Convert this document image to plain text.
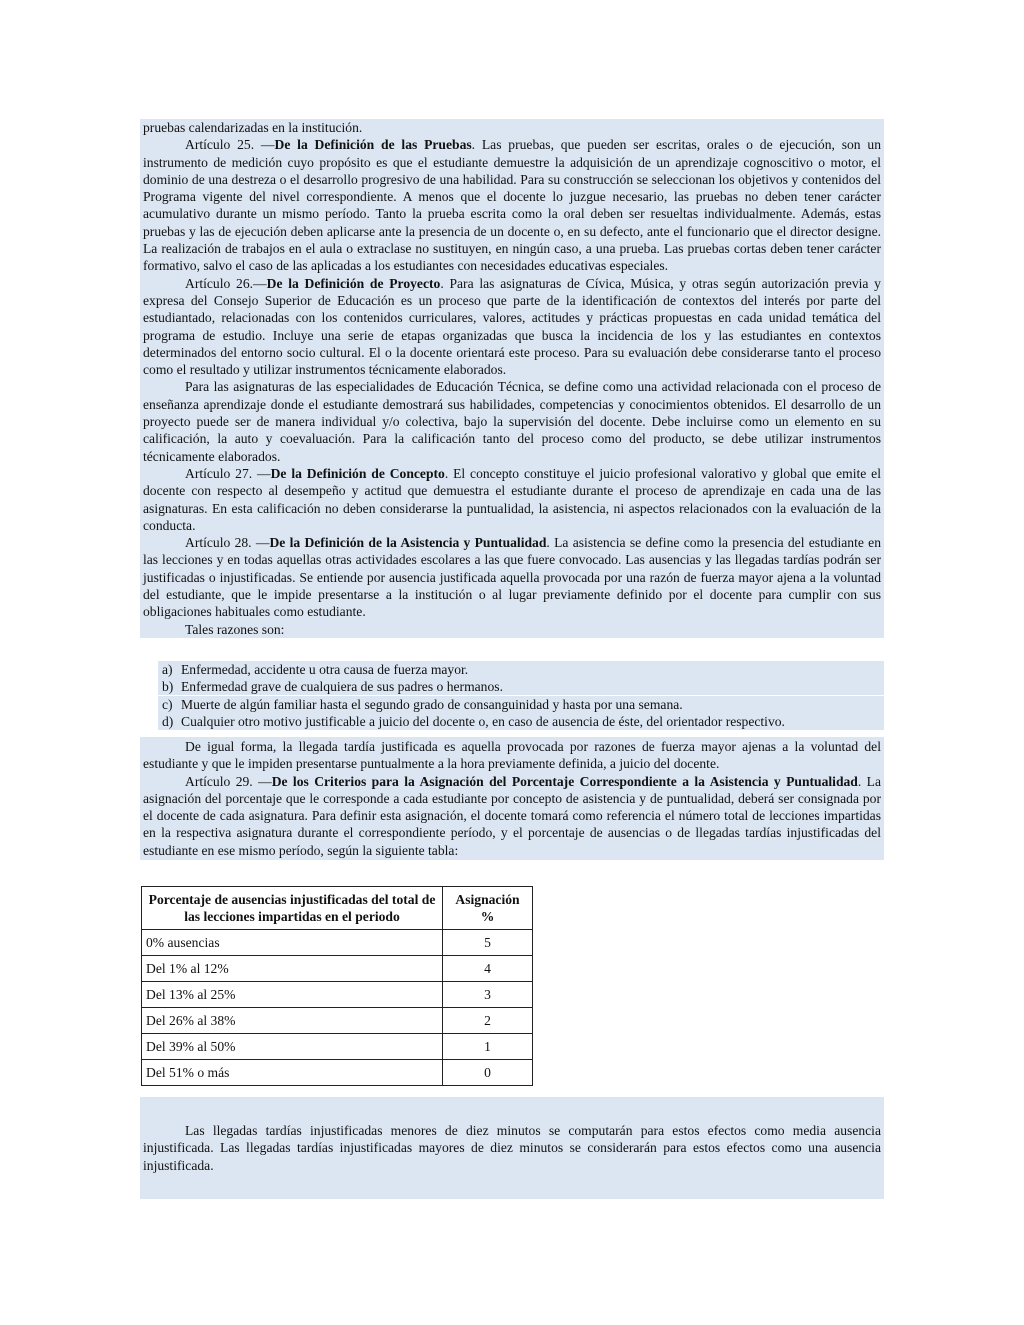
pruebas calendarizadas en la institución.

Artículo 25. —De la Definición de las Pruebas. Las pruebas, que pueden ser escritas, orales o de ejecución, son un instrumento de medición cuyo propósito es que el estudiante demuestre la adquisición de un aprendizaje cognoscitivo o motor, el dominio de una destreza o el desarrollo progresivo de una habilidad. Para su construcción se seleccionan los objetivos y contenidos del Programa vigente del nivel correspondiente. A menos que el docente lo juzgue necesario, las pruebas no deben tener carácter acumulativo durante un mismo período. Tanto la prueba escrita como la oral deben ser resueltas individualmente. Además, estas pruebas y las de ejecución deben aplicarse ante la presencia de un docente o, en su defecto, ante el funcionario que el director designe. La realización de trabajos en el aula o extraclase no sustituyen, en ningún caso, a una prueba. Las pruebas cortas deben tener carácter formativo, salvo el caso de las aplicadas a los estudiantes con necesidades educativas especiales.

Artículo 26.—De la Definición de Proyecto. Para las asignaturas de Cívica, Música, y otras según autorización previa y expresa del Consejo Superior de Educación es un proceso que parte de la identificación de contextos del interés por parte del estudiantado, relacionadas con los contenidos curriculares, valores, actitudes y prácticas propuestas en cada unidad temática del programa de estudio. Incluye una serie de etapas organizadas que busca la incidencia de los y las estudiantes en contextos determinados del entorno socio cultural. El o la docente orientará este proceso. Para su evaluación debe considerarse tanto el proceso como el resultado y utilizar instrumentos técnicamente elaborados.

Para las asignaturas de las especialidades de Educación Técnica, se define como una actividad relacionada con el proceso de enseñanza aprendizaje donde el estudiante demostrará sus habilidades, competencias y conocimientos obtenidos. El desarrollo de un proyecto puede ser de manera individual y/o colectiva, bajo la supervisión del docente. Debe incluirse como un elemento en su calificación, la auto y coevaluación. Para la calificación tanto del proceso como del producto, se debe utilizar instrumentos técnicamente elaborados.

Artículo 27. —De la Definición de Concepto. El concepto constituye el juicio profesional valorativo y global que emite el docente con respecto al desempeño y actitud que demuestra el estudiante durante el proceso de aprendizaje en cada una de las asignaturas. En esta calificación no deben considerarse la puntualidad, la asistencia, ni aspectos relacionados con la evaluación de la conducta.

Artículo 28. —De la Definición de la Asistencia y Puntualidad. La asistencia se define como la presencia del estudiante en las lecciones y en todas aquellas otras actividades escolares a las que fuere convocado. Las ausencias y las llegadas tardías podrán ser justificadas o injustificadas. Se entiende por ausencia justificada aquella provocada por una razón de fuerza mayor ajena a la voluntad del estudiante, que le impide presentarse a la institución o al lugar previamente definido por el docente para cumplir con sus obligaciones habituales como estudiante.

Tales razones son:

a) Enfermedad, accidente u otra causa de fuerza mayor.
b) Enfermedad grave de cualquiera de sus padres o hermanos.
c) Muerte de algún familiar hasta el segundo grado de consanguinidad y hasta por una semana.
d) Cualquier otro motivo justificable a juicio del docente o, en caso de ausencia de éste, del orientador respectivo.

De igual forma, la llegada tardía justificada es aquella provocada por razones de fuerza mayor ajenas a la voluntad del estudiante y que le impiden presentarse puntualmente a la hora previamente definida, a juicio del docente.

Artículo 29. —De los Criterios para la Asignación del Porcentaje Correspondiente a la Asistencia y Puntualidad. La asignación del porcentaje que le corresponde a cada estudiante por concepto de asistencia y de puntualidad, deberá ser consignada por el docente de cada asignatura. Para definir esta asignación, el docente tomará como referencia el número total de lecciones impartidas en la respectiva asignatura durante el correspondiente período, y el porcentaje de ausencias o de llegadas tardías injustificadas del estudiante en ese mismo período, según la siguiente tabla:

Porcentaje de ausencias injustificadas del total de las lecciones impartidas en el periodo	Asignación %
0% ausencias	5
Del 1% al 12%	4
Del 13% al 25%	3
Del 26% al 38%	2
Del 39% al 50%	1
Del 51% o más	0

Las llegadas tardías injustificadas menores de diez minutos se computarán para estos efectos como media ausencia injustificada. Las llegadas tardías injustificadas mayores de diez minutos se considerarán para estos efectos como una ausencia injustificada.
